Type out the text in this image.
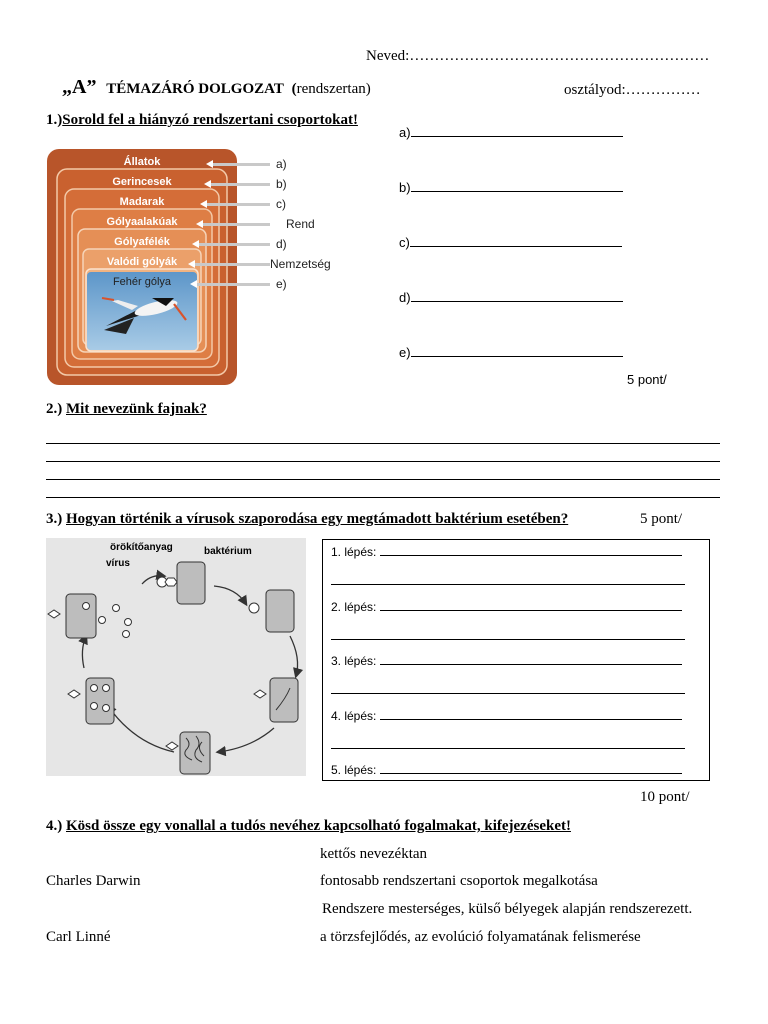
Neved:……………………………………………………
„A” TÉMAZÁRÓ DOLGOZAT (rendszertan)	osztályod:……………
1.)Sorold fel a hiányzó rendszertani csoportokat!
Állatok
Gerincesek
Madarak
Gólyaalakúak
Gólyafélék
Valódi gólyák
Fehér gólya
a)
b)
c)
Rend
d)
Nemzetség
e)
a)
b)
c)
d)
e)
5 pont/
2.) Mit nevezünk fajnak?
3.) Hogyan történik a vírusok szaporodása egy megtámadott baktérium esetében?	5 pont/
örökítőanyag
vírus
baktérium	1. lépés:
2. lépés:
3. lépés:
4. lépés:
5. lépés:
10 pont/
4.) Kösd össze egy vonallal a tudós nevéhez kapcsolható fogalmakat, kifejezéseket!
Charles Darwin
Carl Linné
kettős nevezéktan
fontosabb rendszertani csoportok megalkotása
Rendszere mesterséges, külső bélyegek alapján rendszerezett.
a törzsfejlődés, az evolúció folyamatának felismerése
